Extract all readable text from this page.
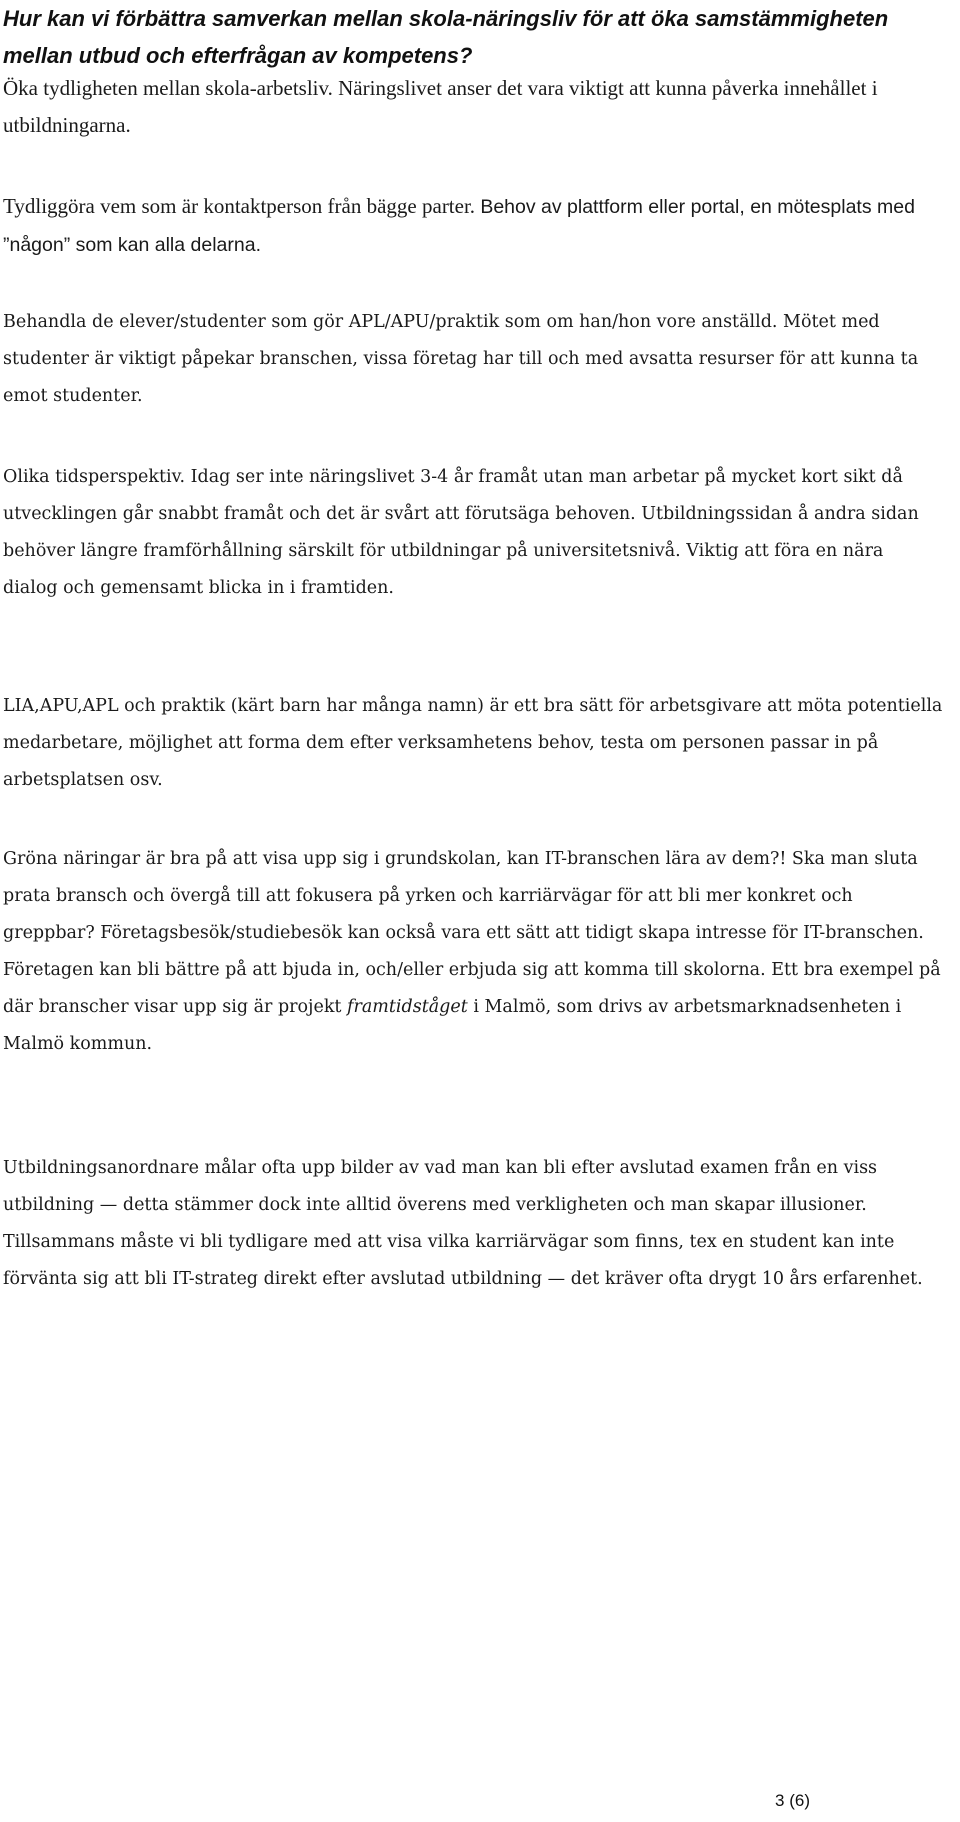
Hur kan vi förbättra samverkan mellan skola-näringsliv för att öka samstämmigheten mellan utbud och efterfrågan av kompetens?

Öka tydligheten mellan skola-arbetsliv. Näringslivet anser det vara viktigt att kunna påverka innehållet i utbildningarna.

Tydliggöra vem som är kontaktperson från bägge parter. Behov av plattform eller portal, en mötesplats med ”någon” som kan alla delarna.

Behandla de elever/studenter som gör APL/APU/praktik som om han/hon vore anställd. Mötet med studenter är viktigt påpekar branschen, vissa företag har till och med avsatta resurser för att kunna ta emot studenter.

Olika tidsperspektiv. Idag ser inte näringslivet 3-4 år framåt utan man arbetar på mycket kort sikt då utvecklingen går snabbt framåt och det är svårt att förutsäga behoven. Utbildningssidan å andra sidan behöver längre framförhållning särskilt för utbildningar på universitetsnivå. Viktig att föra en nära dialog och gemensamt blicka in i framtiden.

LIA,APU,APL och praktik (kärt barn har många namn) är ett bra sätt för arbetsgivare att möta potentiella medarbetare, möjlighet att forma dem efter verksamhetens behov, testa om personen passar in på arbetsplatsen osv.

Gröna näringar är bra på att visa upp sig i grundskolan, kan IT-branschen lära av dem?! Ska man sluta prata bransch och övergå till att fokusera på yrken och karriärvägar för att bli mer konkret och greppbar? Företagsbesök/studiebesök kan också vara ett sätt att tidigt skapa intresse för IT-branschen. Företagen kan bli bättre på att bjuda in, och/eller erbjuda sig att komma till skolorna. Ett bra exempel på där branscher visar upp sig är projekt framtidståget i Malmö, som drivs av arbetsmarknadsenheten i Malmö kommun.

Utbildningsanordnare målar ofta upp bilder av vad man kan bli efter avslutad examen från en viss utbildning — detta stämmer dock inte alltid överens med verkligheten och man skapar illusioner. Tillsammans måste vi bli tydligare med att visa vilka karriärvägar som finns, tex en student kan inte förvänta sig att bli IT-strateg direkt efter avslutad utbildning — det kräver ofta drygt 10 års erfarenhet.

3 (6)
